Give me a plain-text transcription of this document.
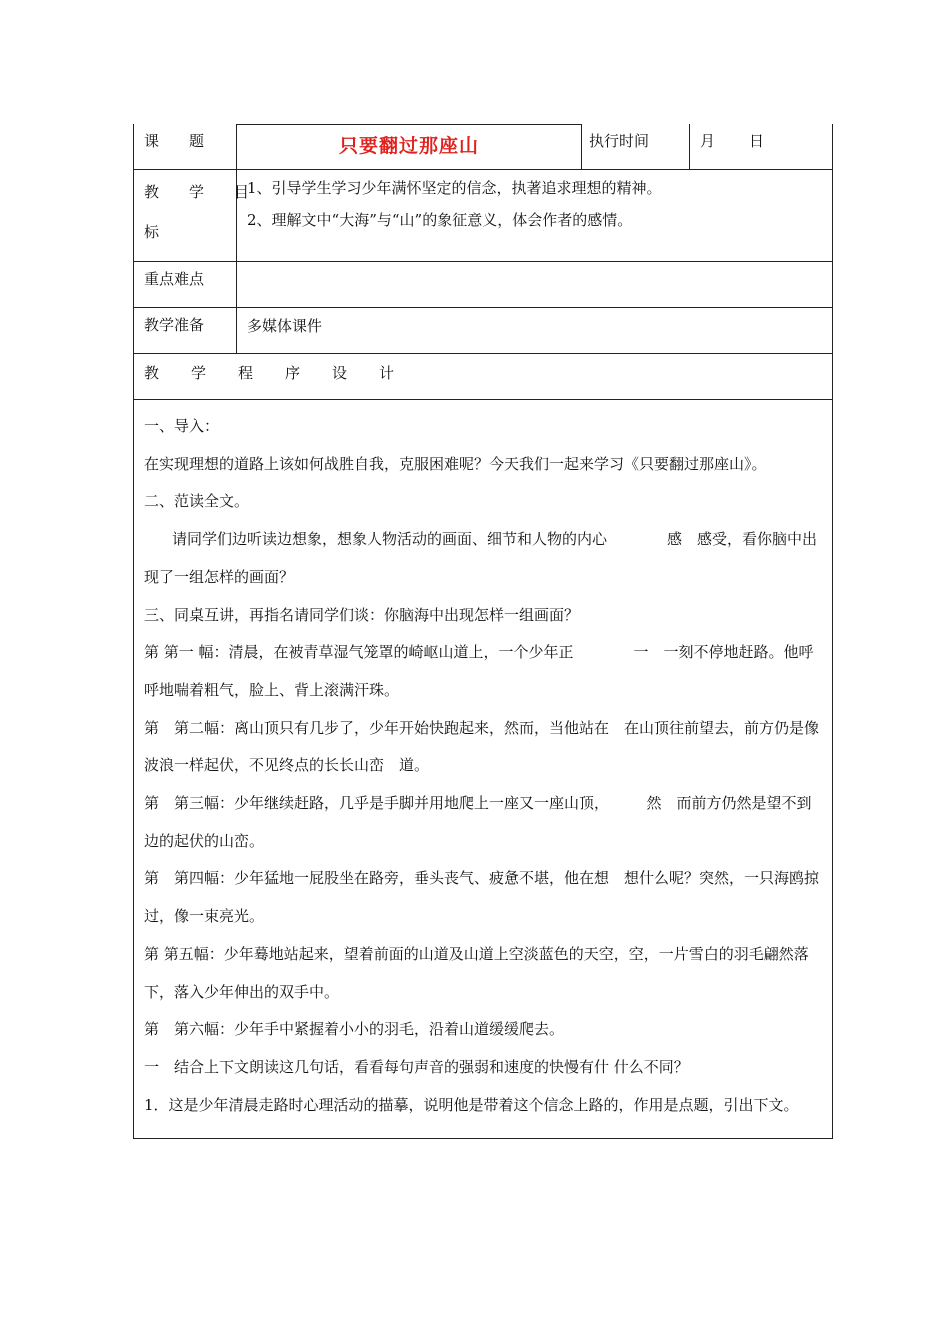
课　　题	只要翻过那座山	执行时间	月 日
教学目
标

1、引导学生学习少年满怀坚定的信念，执著追求理想的精神。

2、理解文中“大海”与“山”的象征意义，体会作者的感情。

重点难点
教学准备	多媒体课件
教学程序设计

一、导入：

在实现理想的道路上该如何战胜自我，克服困难呢？今天我们一起来学习《只要翻过那座山》。

二、范读全文。

请同学们边听读边想象，想象人物活动的画面、细节和人物的内心　　　　感　感受，看你脑中出现了一组怎样的画面？

三、同桌互讲，再指名请同学们谈：你脑海中出现怎样一组画面？

第 第一 幅：清晨，在被青草湿气笼罩的崎岖山道上，一个少年正　　　　一　一刻不停地赶路。他呼呼地喘着粗气，脸上、背上滚满汗珠。

第　第二幅：离山顶只有几步了，少年开始快跑起来，然而，当他站在　在山顶往前望去，前方仍是像波浪一样起伏，不见终点的长长山峦　道。

第　第三幅：少年继续赶路，几乎是手脚并用地爬上一座又一座山顶，　　　然　而前方仍然是望不到边的起伏的山峦。

第　第四幅：少年猛地一屁股坐在路旁，垂头丧气、疲惫不堪，他在想　想什么呢？突然，一只海鸥掠过，像一束亮光。

第 第五幅：少年蓦地站起来，望着前面的山道及山道上空淡蓝色的天空，空，一片雪白的羽毛翩然落下，落入少年伸出的双手中。

第　第六幅：少年手中紧握着小小的羽毛，沿着山道缓缓爬去。

一　结合上下文朗读这几句话，看看每句声音的强弱和速度的快慢有什 什么不同？

1．这是少年清晨走路时心理活动的描摹，说明他是带着这个信念上路的，作用是点题，引出下文。
